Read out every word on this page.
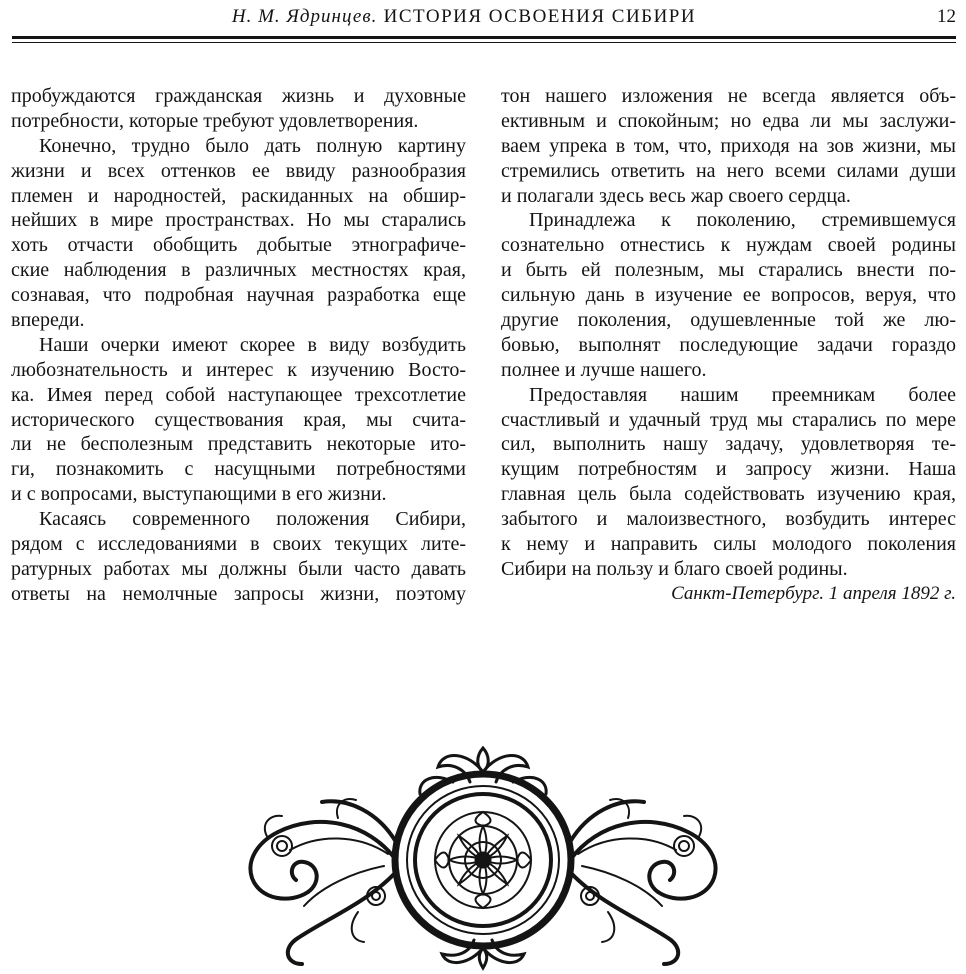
Н. М. Ядринцев. ИСТОРИЯ ОСВОЕНИЯ СИБИРИ	12
пробуждаются гражданская жизнь и духовные
потребности, которые требуют удовлетворения.
Конечно, трудно было дать полную картину
жизни и всех оттенков ее ввиду разнообразия
племен и народностей, раскиданных на обшир-
нейших в мире пространствах. Но мы старались
хоть отчасти обобщить добытые этнографиче-
ские наблюдения в различных местностях края,
сознавая, что подробная научная разработка еще
впереди.
Наши очерки имеют скорее в виду возбудить
любознательность и интерес к изучению Восто-
ка. Имея перед собой наступающее трехсотлетие
исторического существования края, мы счита-
ли не бесполезным представить некоторые ито-
ги, познакомить с насущными потребностями
и с вопросами, выступающими в его жизни.
Касаясь современного положения Сибири,
рядом с исследованиями в своих текущих лите-
ратурных работах мы должны были часто давать
ответы на немолчные запросы жизни, поэтому
тон нашего изложения не всегда является объ-
ективным и спокойным; но едва ли мы заслужи-
ваем упрека в том, что, приходя на зов жизни, мы
стремились ответить на него всеми силами души
и полагали здесь весь жар своего сердца.
Принадлежа к поколению, стремившемуся
сознательно отнестись к нуждам своей родины
и быть ей полезным, мы старались внести по-
сильную дань в изучение ее вопросов, веруя, что
другие поколения, одушевленные той же лю-
бовью, выполнят последующие задачи гораздо
полнее и лучше нашего.
Предоставляя нашим преемникам более
счастливый и удачный труд мы старались по мере
сил, выполнить нашу задачу, удовлетворяя те-
кущим потребностям и запросу жизни. Наша
главная цель была содействовать изучению края,
забытого и малоизвестного, возбудить интерес
к нему и направить силы молодого поколения
Сибири на пользу и благо своей родины.
Санкт-Петербург. 1 апреля 1892 г.
